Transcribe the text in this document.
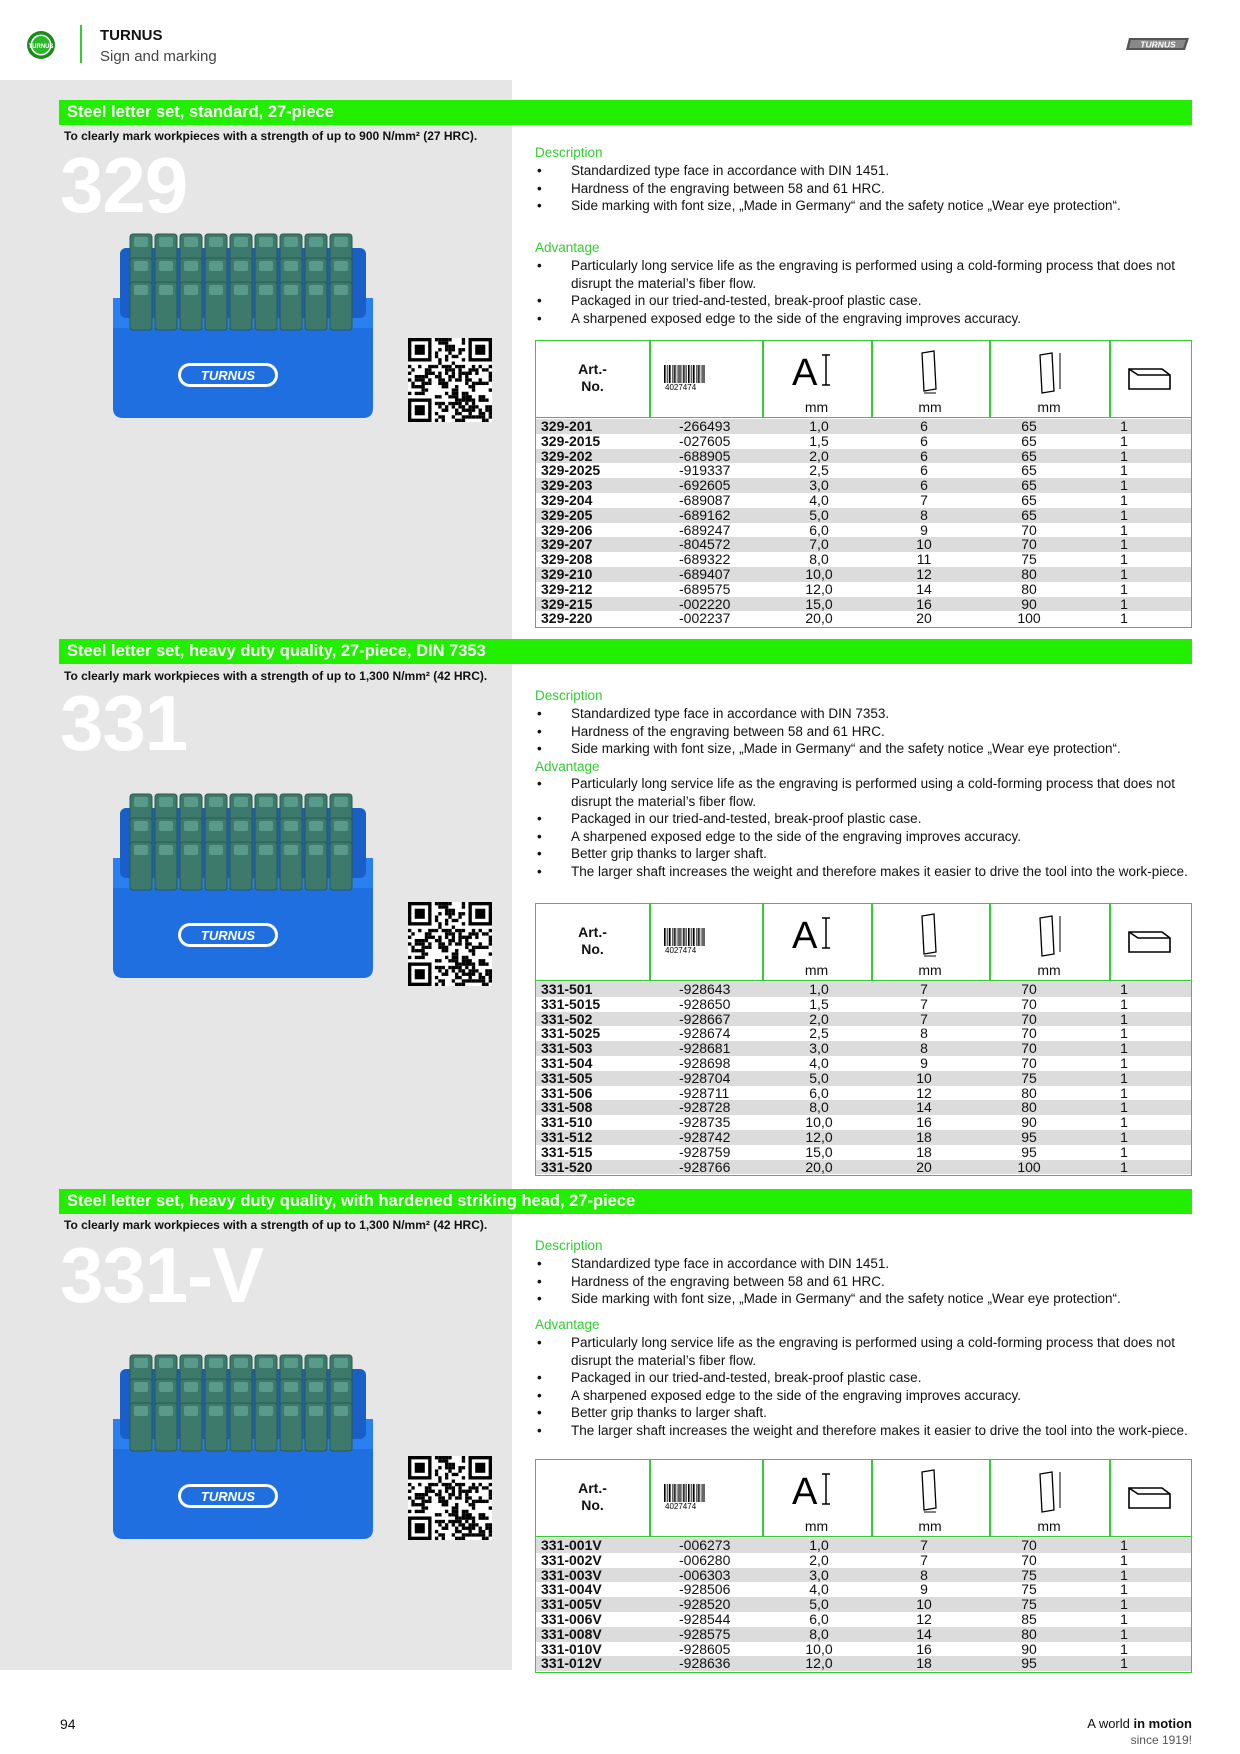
TURNUS
TURNUS
Sign and marking
TURNUS
Steel letter set, standard, 27-piece
To clearly mark workpieces with a strength of up to 900 N/mm² (27 HRC).
329
TURNUS
Description
• Standardized type face in accordance with DIN 1451.
• Hardness of the engraving between 58 and 61 HRC.
• Side marking with font size, „Made in Germany“ and the safety notice „Wear eye protection“.
Advantage
• Particularly long service life as the engraving is performed using a cold-forming process that does not disrupt the material’s fiber flow.
• Packaged in our tried-and-tested, break-proof plastic case.
• A sharpened exposed edge to the side of the engraving improves accuracy.
Art.-
No.	4027474	A
mm	mm	mm
329-201	-266493	1,0	6	65	1
329-2015	-027605	1,5	6	65	1
329-202	-688905	2,0	6	65	1
329-2025	-919337	2,5	6	65	1
329-203	-692605	3,0	6	65	1
329-204	-689087	4,0	7	65	1
329-205	-689162	5,0	8	65	1
329-206	-689247	6,0	9	70	1
329-207	-804572	7,0	10	70	1
329-208	-689322	8,0	11	75	1
329-210	-689407	10,0	12	80	1
329-212	-689575	12,0	14	80	1
329-215	-002220	15,0	16	90	1
329-220	-002237	20,0	20	100	1
Steel letter set, heavy duty quality, 27-piece, DIN 7353
To clearly mark workpieces with a strength of up to 1,300 N/mm² (42 HRC).
331
TURNUS
Description
• Standardized type face in accordance with DIN 7353.
• Hardness of the engraving between 58 and 61 HRC.
• Side marking with font size, „Made in Germany“ and the safety notice „Wear eye protection“.
Advantage
• Particularly long service life as the engraving is performed using a cold-forming process that does not disrupt the material’s fiber flow.
• Packaged in our tried-and-tested, break-proof plastic case.
• A sharpened exposed edge to the side of the engraving improves accuracy.
• Better grip thanks to larger shaft.
• The larger shaft increases the weight and therefore makes it easier to drive the tool into the work-piece.
Art.-
No.	4027474	A
mm	mm	mm
331-501	-928643	1,0	7	70	1
331-5015	-928650	1,5	7	70	1
331-502	-928667	2,0	7	70	1
331-5025	-928674	2,5	8	70	1
331-503	-928681	3,0	8	70	1
331-504	-928698	4,0	9	70	1
331-505	-928704	5,0	10	75	1
331-506	-928711	6,0	12	80	1
331-508	-928728	8,0	14	80	1
331-510	-928735	10,0	16	90	1
331-512	-928742	12,0	18	95	1
331-515	-928759	15,0	18	95	1
331-520	-928766	20,0	20	100	1
Steel letter set, heavy duty quality, with hardened striking head, 27-piece
To clearly mark workpieces with a strength of up to 1,300 N/mm² (42 HRC).
331-V
TURNUS
Description
• Standardized type face in accordance with DIN 1451.
• Hardness of the engraving between 58 and 61 HRC.
• Side marking with font size, „Made in Germany“ and the safety notice „Wear eye protection“.
Advantage
• Particularly long service life as the engraving is performed using a cold-forming process that does not disrupt the material’s fiber flow.
• Packaged in our tried-and-tested, break-proof plastic case.
• A sharpened exposed edge to the side of the engraving improves accuracy.
• Better grip thanks to larger shaft.
• The larger shaft increases the weight and therefore makes it easier to drive the tool into the work-piece.
Art.-
No.	4027474	A
mm	mm	mm
331-001V	-006273	1,0	7	70	1
331-002V	-006280	2,0	7	70	1
331-003V	-006303	3,0	8	75	1
331-004V	-928506	4,0	9	75	1
331-005V	-928520	5,0	10	75	1
331-006V	-928544	6,0	12	85	1
331-008V	-928575	8,0	14	80	1
331-010V	-928605	10,0	16	90	1
331-012V	-928636	12,0	18	95	1
94	A world in motion
since 1919!
